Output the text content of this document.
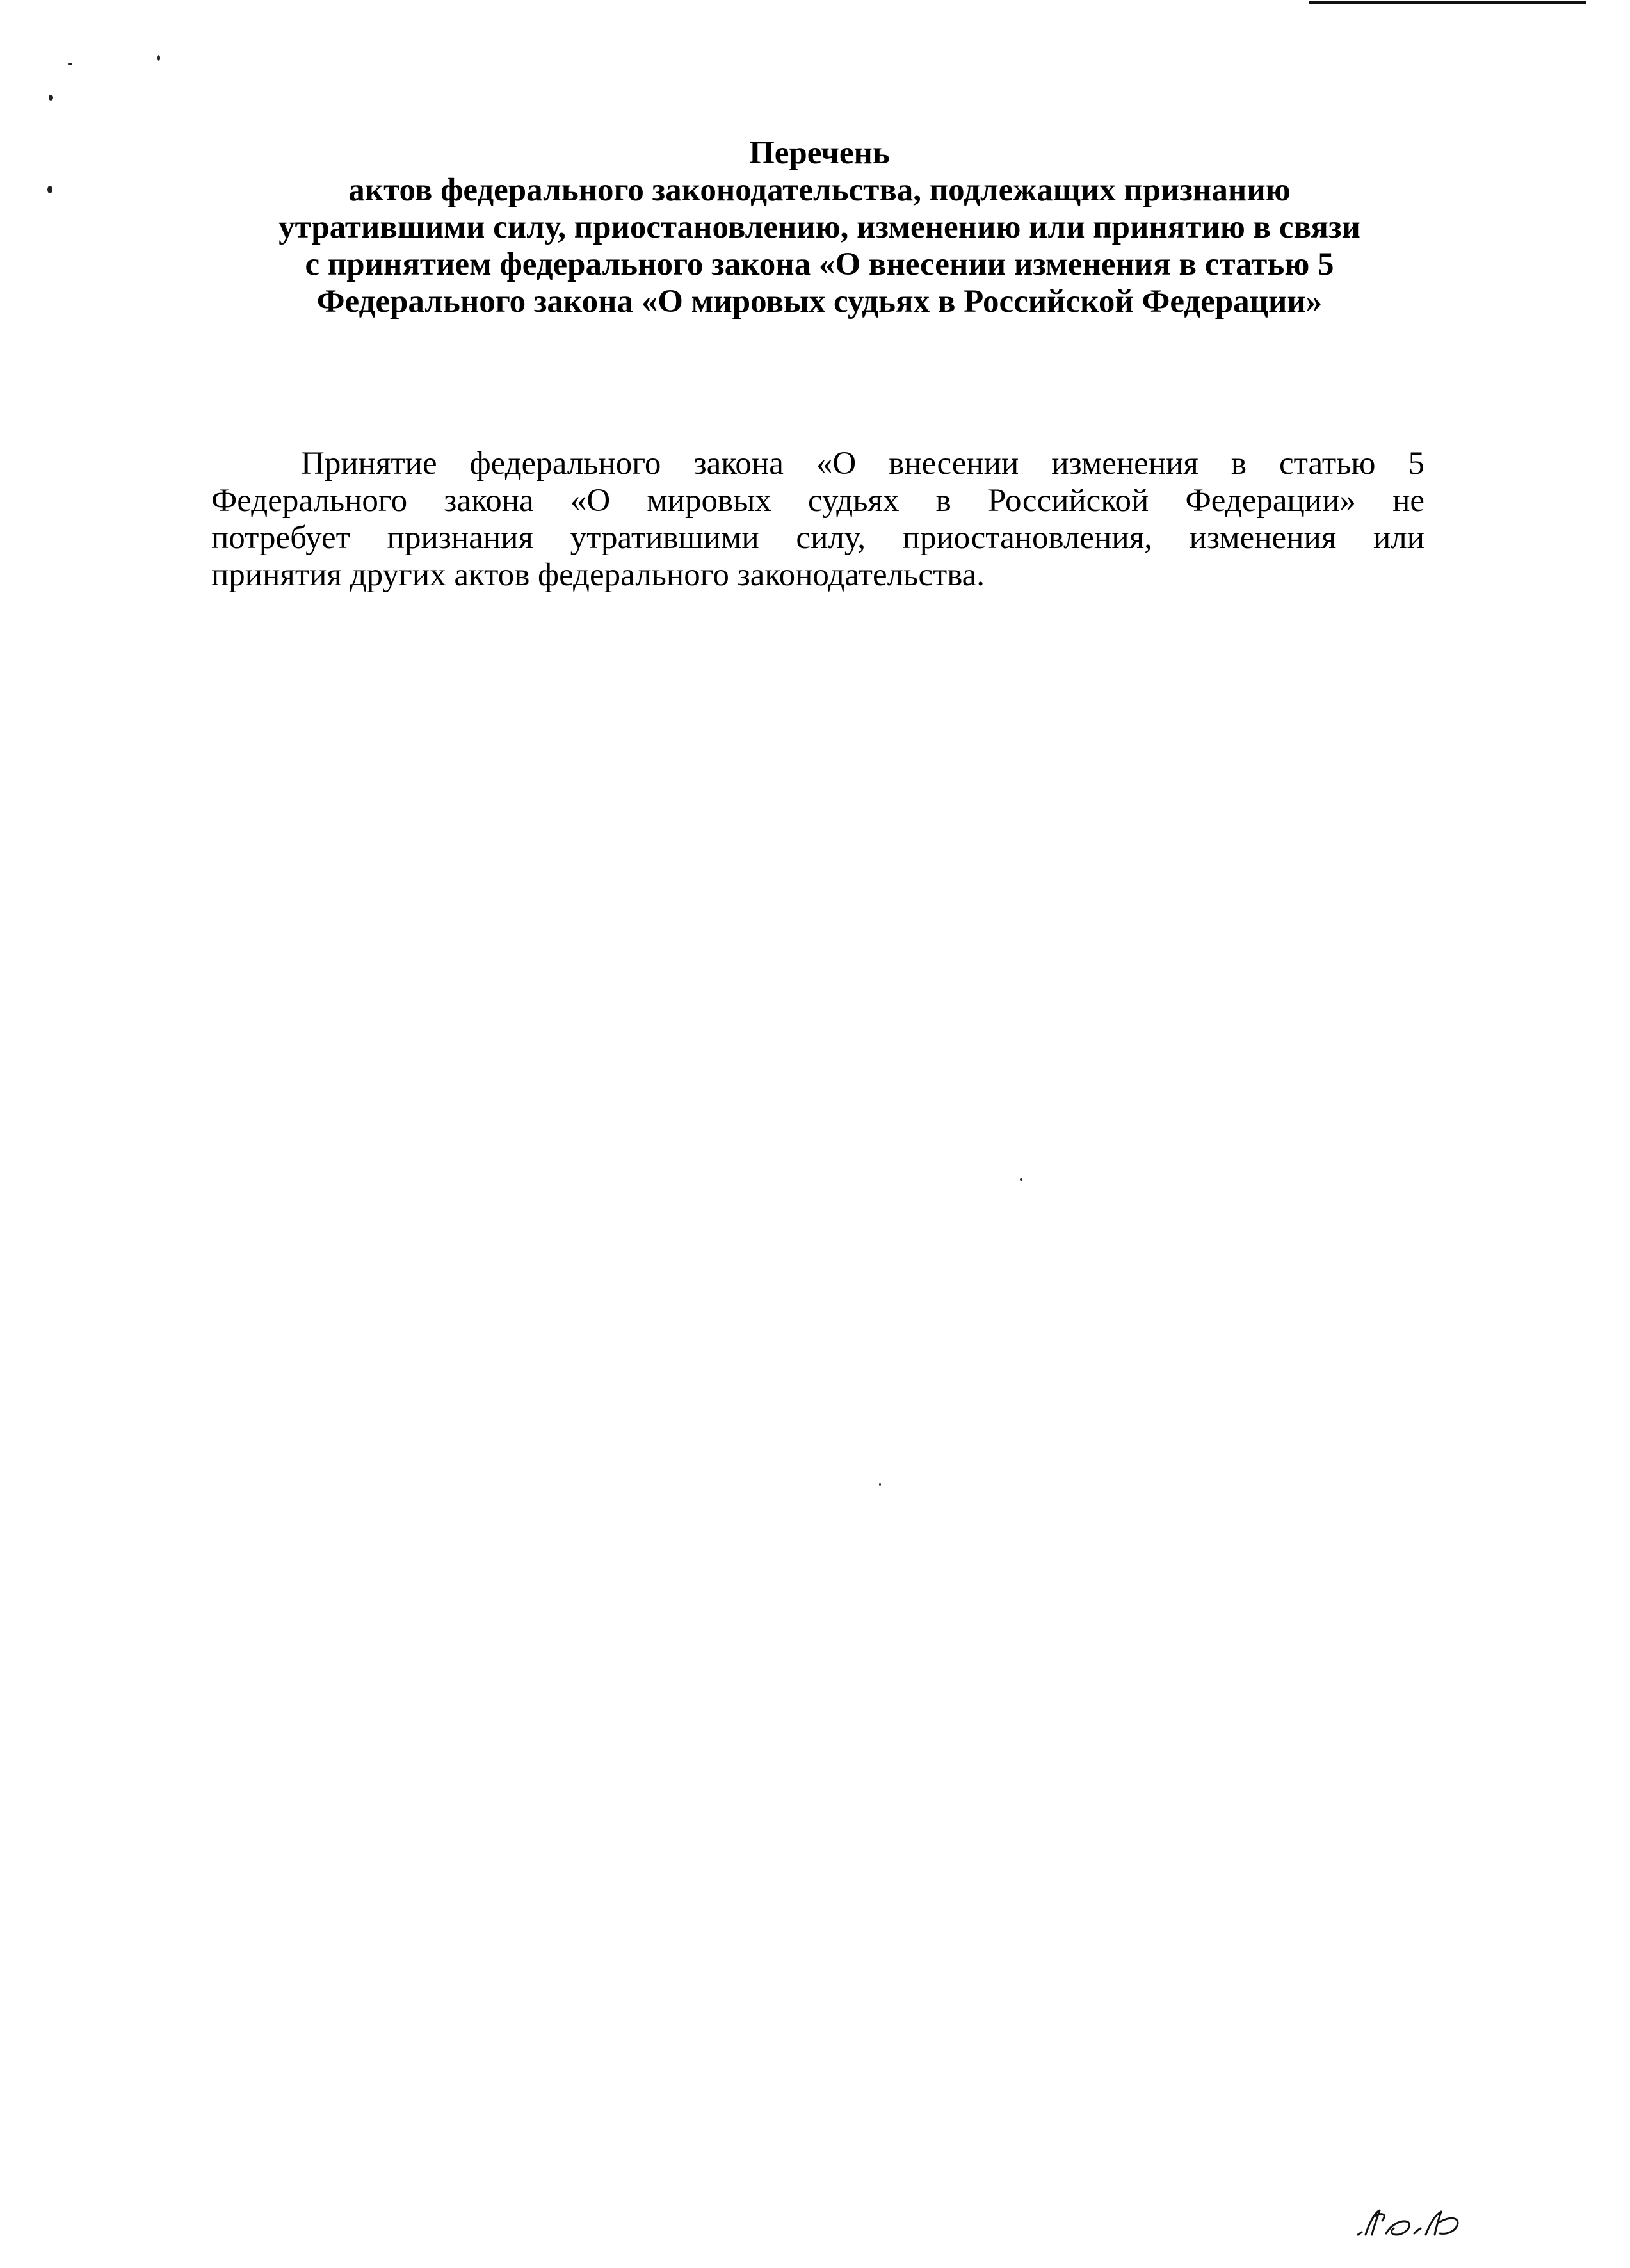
Перечень
актов федерального законодательства, подлежащих признанию
утратившими силу, приостановлению, изменению или принятию в связи
с принятием федерального закона «О внесении изменения в статью 5
Федерального закона «О мировых судьях в Российской Федерации»
Принятие федерального закона «О внесении изменения в статью 5
Федерального закона «О мировых судьях в Российской Федерации» не
потребует признания утратившими силу, приостановления, изменения или
принятия других актов федерального законодательства.
